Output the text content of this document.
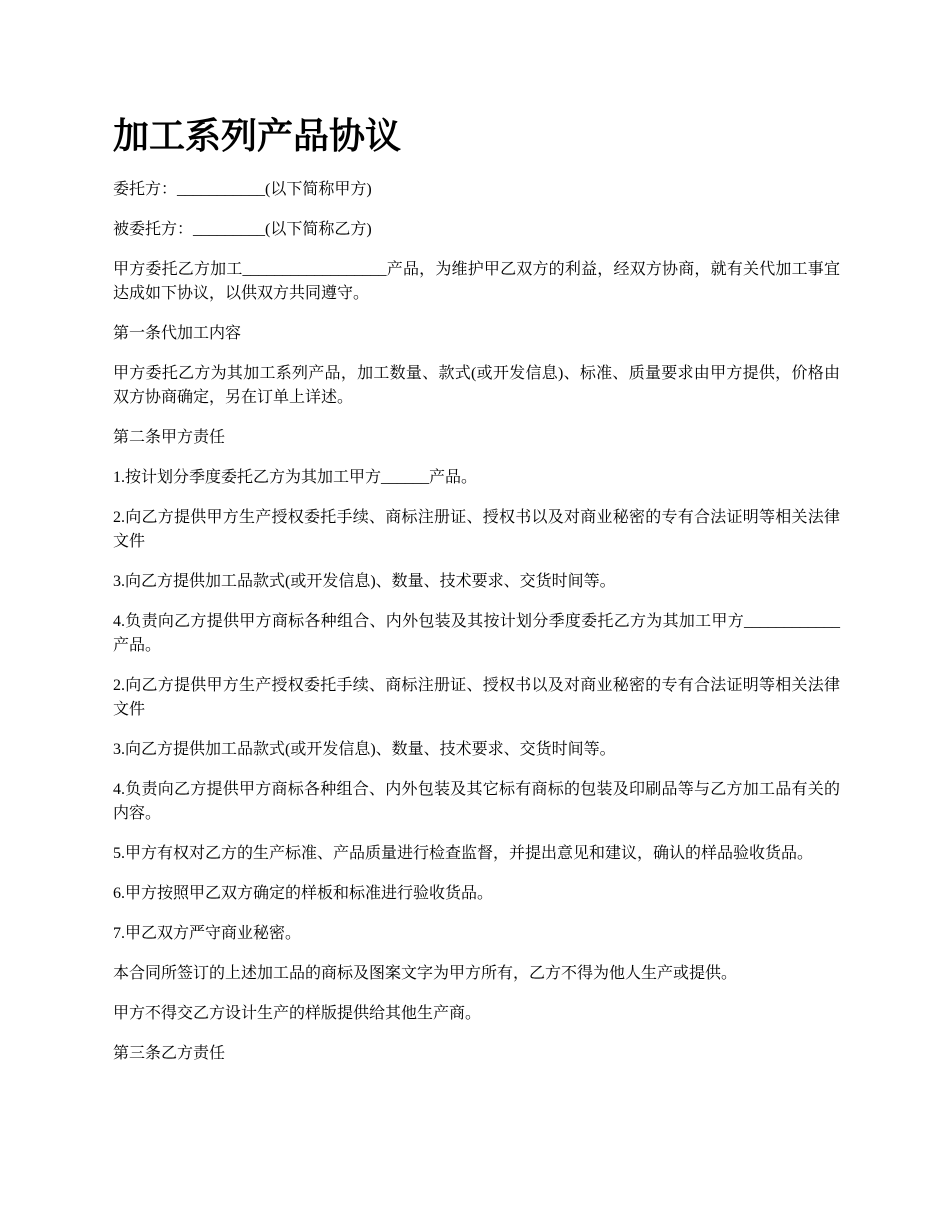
加工系列产品协议

委托方：___________(以下简称甲方)

被委托方：_________(以下简称乙方)

甲方委托乙方加工__________________产品，为维护甲乙双方的利益，经双方协商，就有关代加工事宜达成如下协议，以供双方共同遵守。

第一条代加工内容

甲方委托乙方为其加工系列产品，加工数量、款式(或开发信息)、标准、质量要求由甲方提供，价格由双方协商确定，另在订单上详述。

第二条甲方责任

1.按计划分季度委托乙方为其加工甲方______产品。

2.向乙方提供甲方生产授权委托手续、商标注册证、授权书以及对商业秘密的专有合法证明等相关法律文件

3.向乙方提供加工品款式(或开发信息)、数量、技术要求、交货时间等。

4.负责向乙方提供甲方商标各种组合、内外包装及其按计划分季度委托乙方为其加工甲方____________产品。

2.向乙方提供甲方生产授权委托手续、商标注册证、授权书以及对商业秘密的专有合法证明等相关法律文件

3.向乙方提供加工品款式(或开发信息)、数量、技术要求、交货时间等。

4.负责向乙方提供甲方商标各种组合、内外包装及其它标有商标的包装及印刷品等与乙方加工品有关的内容。

5.甲方有权对乙方的生产标准、产品质量进行检查监督，并提出意见和建议，确认的样品验收货品。

6.甲方按照甲乙双方确定的样板和标准进行验收货品。

7.甲乙双方严守商业秘密。

本合同所签订的上述加工品的商标及图案文字为甲方所有，乙方不得为他人生产或提供。

甲方不得交乙方设计生产的样版提供给其他生产商。

第三条乙方责任
